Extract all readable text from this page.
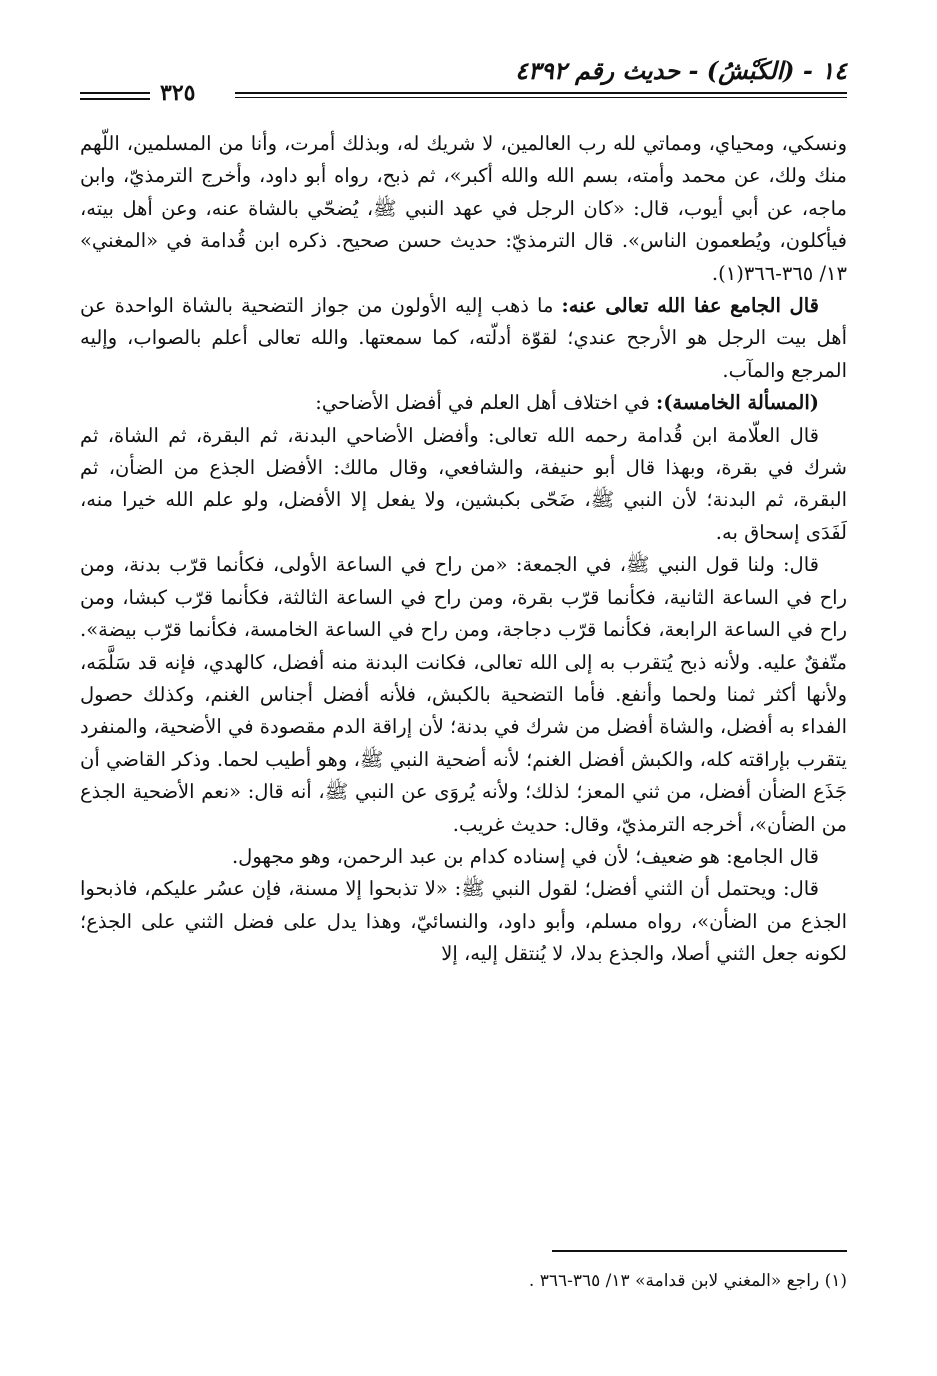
١٤ - (الكَبْشُ) - حديث رقم ٤٣٩٢
٣٢٥

ونسكي، ومحياي، ومماتي لله رب العالمين، لا شريك له، وبذلك أمرت، وأنا من المسلمين، اللّهم منك ولك، عن محمد وأمته، بسم الله والله أكبر»، ثم ذبح، رواه أبو داود، وأخرج الترمذيّ، وابن ماجه، عن أبي أيوب، قال: «كان الرجل في عهد النبي ﷺ، يُضحّي بالشاة عنه، وعن أهل بيته، فيأكلون، ويُطعمون الناس». قال الترمذيّ: حديث حسن صحيح. ذكره ابن قُدامة في «المغني» ١٣/ ٣٦٥-٣٦٦(١).

قال الجامع عفا الله تعالى عنه: ما ذهب إليه الأولون من جواز التضحية بالشاة الواحدة عن أهل بيت الرجل هو الأرجح عندي؛ لقوّة أدلّته، كما سمعتها. والله تعالى أعلم بالصواب، وإليه المرجع والمآب.

(المسألة الخامسة): في اختلاف أهل العلم في أفضل الأضاحي:

قال العلّامة ابن قُدامة رحمه الله تعالى: وأفضل الأضاحي البدنة، ثم البقرة، ثم الشاة، ثم شرك في بقرة، وبهذا قال أبو حنيفة، والشافعي، وقال مالك: الأفضل الجذع من الضأن، ثم البقرة، ثم البدنة؛ لأن النبي ﷺ، ضَحّى بكبشين، ولا يفعل إلا الأفضل، ولو علم الله خيرا منه، لَفَدَى إسحاق به.

قال: ولنا قول النبي ﷺ، في الجمعة: «من راح في الساعة الأولى، فكأنما قرّب بدنة، ومن راح في الساعة الثانية، فكأنما قرّب بقرة، ومن راح في الساعة الثالثة، فكأنما قرّب كبشا، ومن راح في الساعة الرابعة، فكأنما قرّب دجاجة، ومن راح في الساعة الخامسة، فكأنما قرّب بيضة». متّفقٌ عليه. ولأنه ذبح يُتقرب به إلى الله تعالى، فكانت البدنة منه أفضل، كالهدي، فإنه قد سَلَّمَه، ولأنها أكثر ثمنا ولحما وأنفع. فأما التضحية بالكبش، فلأنه أفضل أجناس الغنم، وكذلك حصول الفداء به أفضل، والشاة أفضل من شرك في بدنة؛ لأن إراقة الدم مقصودة في الأضحية، والمنفرد يتقرب بإراقته كله، والكبش أفضل الغنم؛ لأنه أضحية النبي ﷺ، وهو أطيب لحما. وذكر القاضي أن جَذَع الضأن أفضل، من ثني المعز؛ لذلك؛ ولأنه يُروَى عن النبي ﷺ، أنه قال: «نعم الأضحية الجذع من الضأن»، أخرجه الترمذيّ، وقال: حديث غريب.

قال الجامع: هو ضعيف؛ لأن في إسناده كدام بن عبد الرحمن، وهو مجهول.

قال: ويحتمل أن الثني أفضل؛ لقول النبي ﷺ: «لا تذبحوا إلا مسنة، فإن عسُر عليكم، فاذبحوا الجذع من الضأن»، رواه مسلم، وأبو داود، والنسائيّ، وهذا يدل على فضل الثني على الجذع؛ لكونه جعل الثني أصلا، والجذع بدلا، لا يُنتقل إليه، إلا

(١) راجع «المغني لابن قدامة» ١٣/ ٣٦٥-٣٦٦ .
